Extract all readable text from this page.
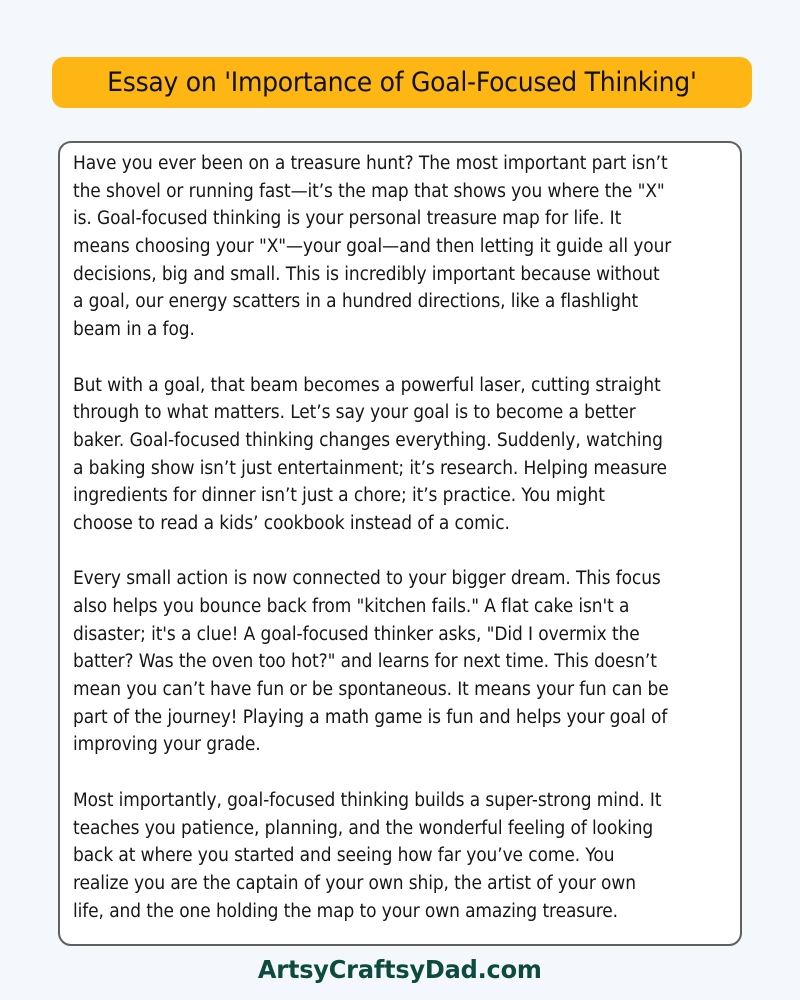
Essay on 'Importance of Goal-Focused Thinking'
Have you ever been on a treasure hunt? The most important part isn’t
the shovel or running fast—it’s the map that shows you where the "X"
is. Goal-focused thinking is your personal treasure map for life. It
means choosing your "X"—your goal—and then letting it guide all your
decisions, big and small. This is incredibly important because without
a goal, our energy scatters in a hundred directions, like a flashlight
beam in a fog.
But with a goal, that beam becomes a powerful laser, cutting straight
through to what matters. Let’s say your goal is to become a better
baker. Goal-focused thinking changes everything. Suddenly, watching
a baking show isn’t just entertainment; it’s research. Helping measure
ingredients for dinner isn’t just a chore; it’s practice. You might
choose to read a kids’ cookbook instead of a comic.
Every small action is now connected to your bigger dream. This focus
also helps you bounce back from "kitchen fails." A flat cake isn't a
disaster; it's a clue! A goal-focused thinker asks, "Did I overmix the
batter? Was the oven too hot?" and learns for next time. This doesn’t
mean you can’t have fun or be spontaneous. It means your fun can be
part of the journey! Playing a math game is fun and helps your goal of
improving your grade.
Most importantly, goal-focused thinking builds a super-strong mind. It
teaches you patience, planning, and the wonderful feeling of looking
back at where you started and seeing how far you’ve come. You
realize you are the captain of your own ship, the artist of your own
life, and the one holding the map to your own amazing treasure.
ArtsyCraftsyDad.com
